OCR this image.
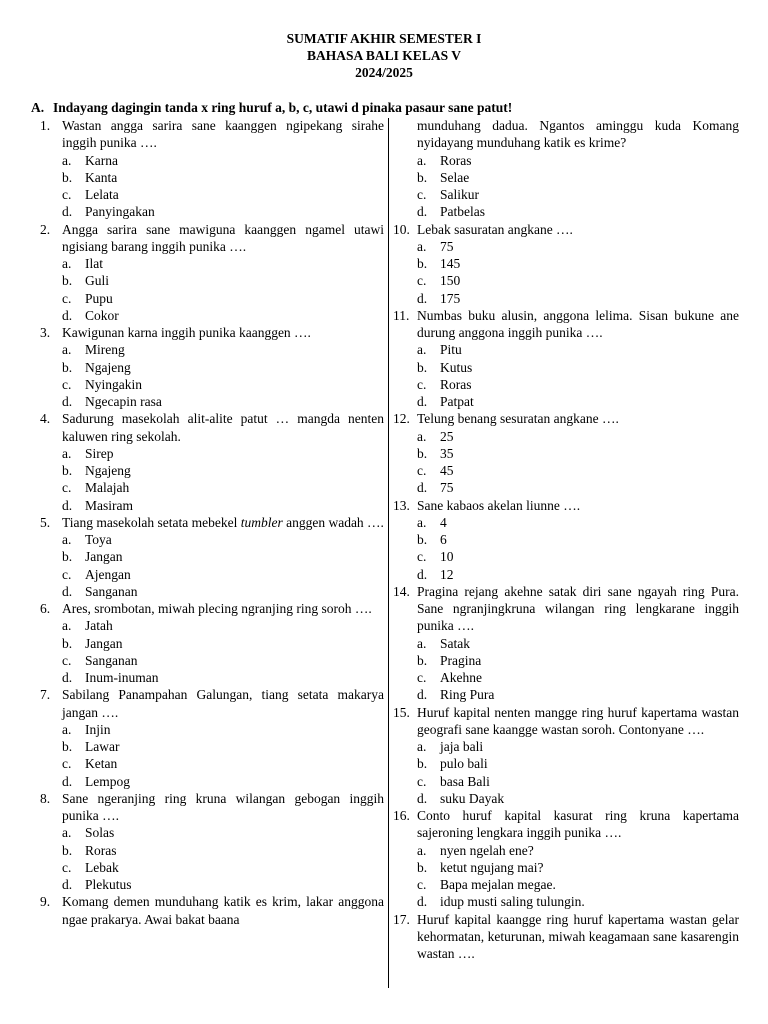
SUMATIF AKHIR SEMESTER I
BAHASA BALI KELAS V
2024/2025
A. Indayang dagingin tanda x ring huruf a, b, c, utawi d pinaka pasaur sane patut!
1. Wastan angga sarira sane kaanggen ngipekang sirahe inggih punika ….
a.	Karna
b. Kanta
c.	Lelata
d. Panyingakan
2. Angga sarira sane mawiguna kaanggen ngamel utawi ngisiang barang inggih punika ….
a.	Ilat
b. Guli
c.	Pupu
d. Cokor
3. Kawigunan karna inggih punika kaanggen ….
a.	Mireng
b. Ngajeng
c.	Nyingakin
d. Ngecapin rasa
4. Sadurung masekolah alit-alite patut … mangda nenten kaluwen ring sekolah.
a.	Sirep
b. Ngajeng
c.	Malajah
d. Masiram
5. Tiang masekolah setata mebekel tumbler anggen wadah ….
a.	Toya
b. Jangan
c.	Ajengan
d. Sanganan
6. Ares, srombotan, miwah plecing ngranjing ring soroh ….
a.	Jatah
b. Jangan
c.	Sanganan
d. Inum-inuman
7. Sabilang Panampahan Galungan, tiang setata makarya jangan ….
a.	Injin
b. Lawar
c.	Ketan
d. Lempog
8. Sane ngeranjing ring kruna wilangan gebogan inggih punika ….
a.	Solas
b. Roras
c.	Lebak
d. Plekutus
9. Komang demen munduhang katik es krim, lakar anggona ngae prakarya. Awai bakat baana
munduhang dadua. Ngantos aminggu kuda Komang nyidayang munduhang katik es krime?
a.	Roras
b. Selae
c.	Salikur
d. Patbelas
10. Lebak sasuratan angkane ….
a.	75
b. 145
c.	150
d. 175
11. Numbas buku alusin, anggona lelima. Sisan bukune ane durung anggona inggih punika ….
a.	Pitu
b. Kutus
c.	Roras
d. Patpat
12. Telung benang sesuratan angkane ….
a.	25
b. 35
c.	45
d. 75
13. Sane kabaos akelan liunne ….
a.	4
b. 6
c.	10
d. 12
14. Pragina rejang akehne satak diri sane ngayah ring Pura. Sane ngranjingkruna wilangan ring lengkarane inggih punika ….
a.	Satak
b. Pragina
c.	Akehne
d. Ring Pura
15. Huruf kapital nenten mangge ring huruf kapertama wastan geografi sane kaangge wastan soroh. Contonyane ….
a.	jaja bali
b. pulo bali
c.	basa Bali
d. suku Dayak
16. Conto huruf kapital kasurat ring kruna kapertama sajeroning lengkara inggih punika ….
a.	nyen ngelah ene?
b. ketut ngujang mai?
c.	Bapa mejalan megae.
d. idup musti saling tulungin.
17. Huruf kapital kaangge ring huruf kapertama wastan gelar kehormatan, keturunan, miwah keagamaan sane kasarengin wastan ….
